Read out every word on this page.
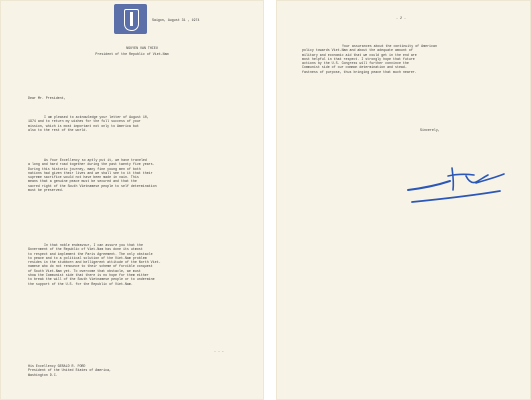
Saigon, August 31 , 1974

NGUYEN VAN THIEU

President of the Republic of Viet-Nam

Dear Mr. President,

I am pleased to acknowledge your letter of August 10,
1974 and to return my wishes for the full success of your
mission, which is most important not only to America but
also to the rest of the world.

As Your Excellency so aptly put it, we have traveled
a long and hard road together during the past twenty five years.
During this historic journey, many fine young men of both
nations had given their lives and we shall see to it that their
supreme sacrifice would not have been made in vain. This
means that a genuine peace must be secured and that the
sacred right of the South Vietnamese people to self determination
must be preserved.

In that noble endeavour, I can assure you that the
Government of the Republic of Viet-Nam has done its utmost
to respect and implement the Paris Agreement. The only obstacle
to peace and to a political solution of the Viet-Nam problem
resides in the stubborn and belligerent attitude of the North Viet-
namese who do not renounce to their scheme of forcible conquest
of South Viet-Nam yet. To overcome that obstacle, we must
show the Communist side that there is no hope for them either
to break the will of the South Vietnamese people or to undermine
the support of the U.S. for the Republic of Viet-Nam.

- - -

His Excellency GERALD R. FORD
President of the United States of America,
Washington D.C.

- 2 -

Your assurances about the continuity of American
policy towards Viet-Nam and about the adequate amount of
military and economic aid that we could get in the end are
most helpful in that respect. I strongly hope that future
actions by the U.S. Congress will further convince the
Communist side of our common determination and stead-
fastness of purpose, thus bringing peace that much nearer.

Sincerely,
